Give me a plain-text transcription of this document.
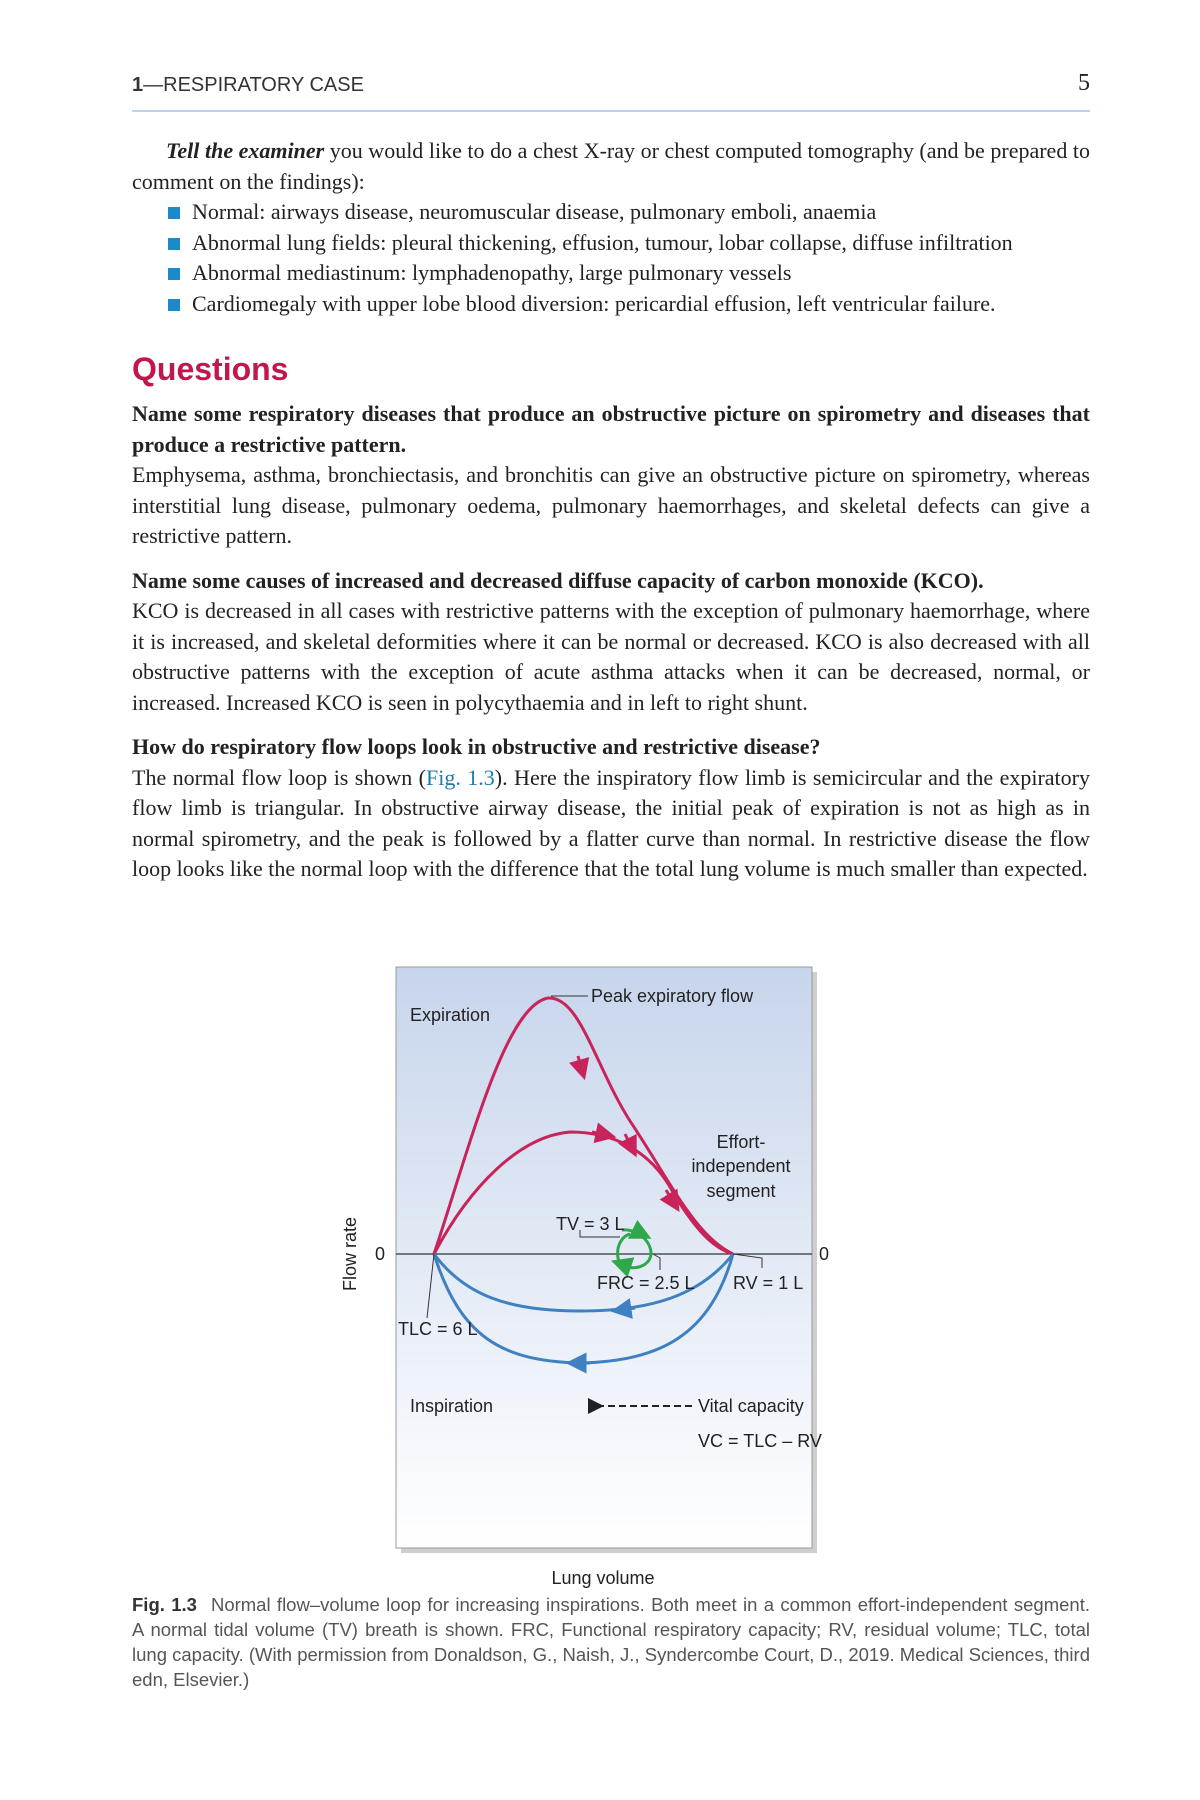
1—RESPIRATORY CASE	5

Tell the examiner you would like to do a chest X-ray or chest computed tomography (and be prepared to comment on the findings):

Normal: airways disease, neuromuscular disease, pulmonary emboli, anaemia
Abnormal lung fields: pleural thickening, effusion, tumour, lobar collapse, diffuse infiltration
Abnormal mediastinum: lymphadenopathy, large pulmonary vessels
Cardiomegaly with upper lobe blood diversion: pericardial effusion, left ventricular failure.
Questions

Name some respiratory diseases that produce an obstructive picture on spirometry and diseases that produce a restrictive pattern.

Emphysema, asthma, bronchiectasis, and bronchitis can give an obstructive picture on spirometry, whereas interstitial lung disease, pulmonary oedema, pulmonary haemorrhages, and skeletal defects can give a restrictive pattern.

Name some causes of increased and decreased diffuse capacity of carbon monoxide (KCO).

KCO is decreased in all cases with restrictive patterns with the exception of pulmonary haemorrhage, where it is increased, and skeletal deformities where it can be normal or decreased. KCO is also decreased with all obstructive patterns with the exception of acute asthma attacks when it can be decreased, normal, or increased. Increased KCO is seen in polycythaemia and in left to right shunt.

How do respiratory flow loops look in obstructive and restrictive disease?

The normal flow loop is shown (Fig. 1.3). Here the inspiratory flow limb is semicircular and the expiratory flow limb is triangular. In obstructive airway disease, the initial peak of expiration is not as high as in normal spirometry, and the peak is followed by a flatter curve than normal. In restrictive disease the flow loop looks like the normal loop with the difference that the total lung volume is much smaller than expected.

Expiration
Peak expiratory flow
Effort-
independent
segment
TV = 3 L
FRC = 2.5 L RV = 1 L
TLC = 6 L
Inspiration	Vital capacity
VC = TLC – RV
0	0
Flow rate
Lung volume
Fig. 1.3 Normal flow–volume loop for increasing inspirations. Both meet in a common effort-independent segment. A normal tidal volume (TV) breath is shown. FRC, Functional respiratory capacity; RV, residual volume; TLC, total lung capacity. (With permission from Donaldson, G., Naish, J., Syndercombe Court, D., 2019. Medical Sciences, third edn, Elsevier.)
